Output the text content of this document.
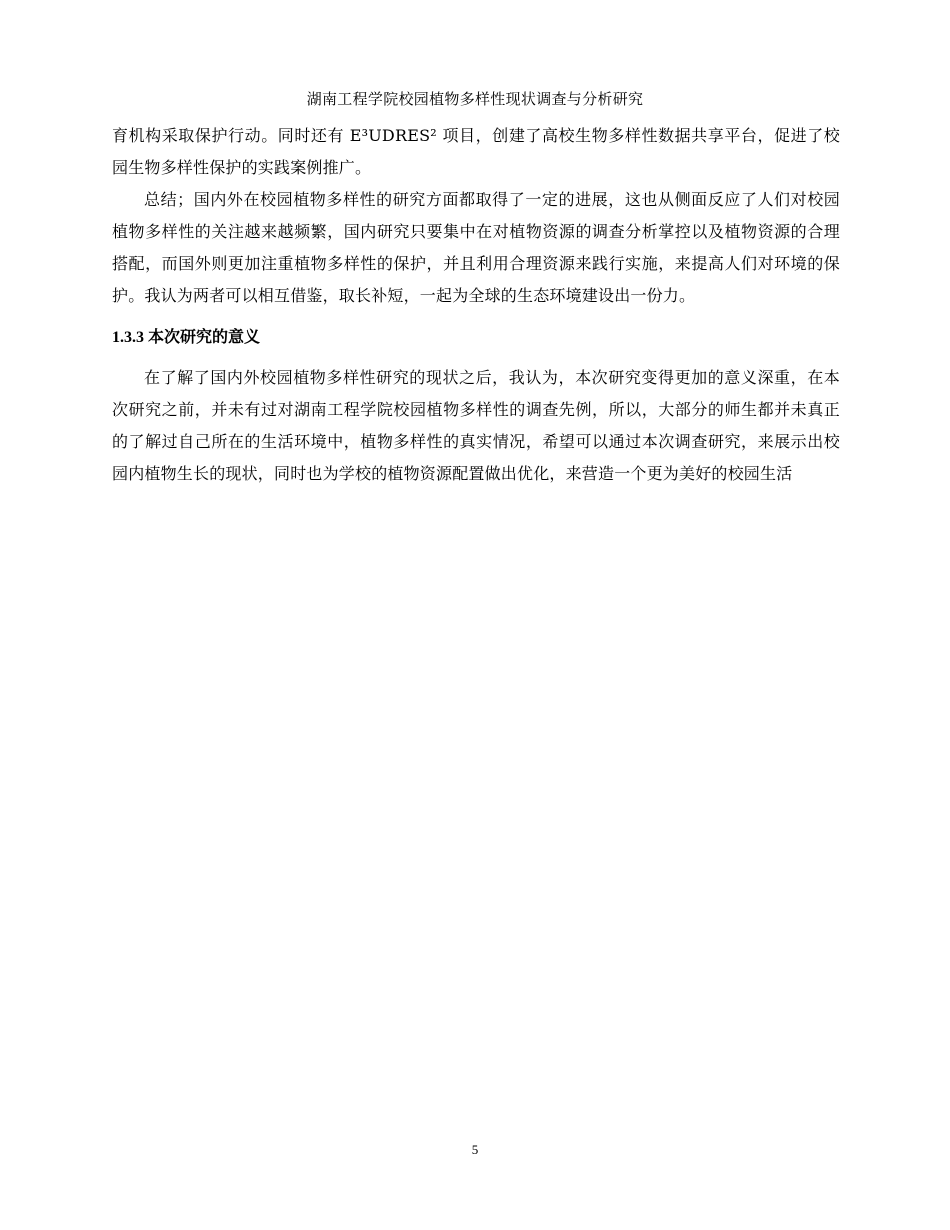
湖南工程学院校园植物多样性现状调查与分析研究

育机构采取保护行动。同时还有 E³UDRES² 项目，创建了高校生物多样性数据共享平台，促进了校园生物多样性保护的实践案例推广。

总结；国内外在校园植物多样性的研究方面都取得了一定的进展，这也从侧面反应了人们对校园植物多样性的关注越来越频繁，国内研究只要集中在对植物资源的调查分析掌控以及植物资源的合理搭配，而国外则更加注重植物多样性的保护，并且利用合理资源来践行实施，来提高人们对环境的保护。我认为两者可以相互借鉴，取长补短，一起为全球的生态环境建设出一份力。

1.3.3 本次研究的意义

在了解了国内外校园植物多样性研究的现状之后，我认为，本次研究变得更加的意义深重，在本次研究之前，并未有过对湖南工程学院校园植物多样性的调查先例，所以，大部分的师生都并未真正的了解过自己所在的生活环境中，植物多样性的真实情况，希望可以通过本次调查研究，来展示出校园内植物生长的现状，同时也为学校的植物资源配置做出优化，来营造一个更为美好的校园生活

5
